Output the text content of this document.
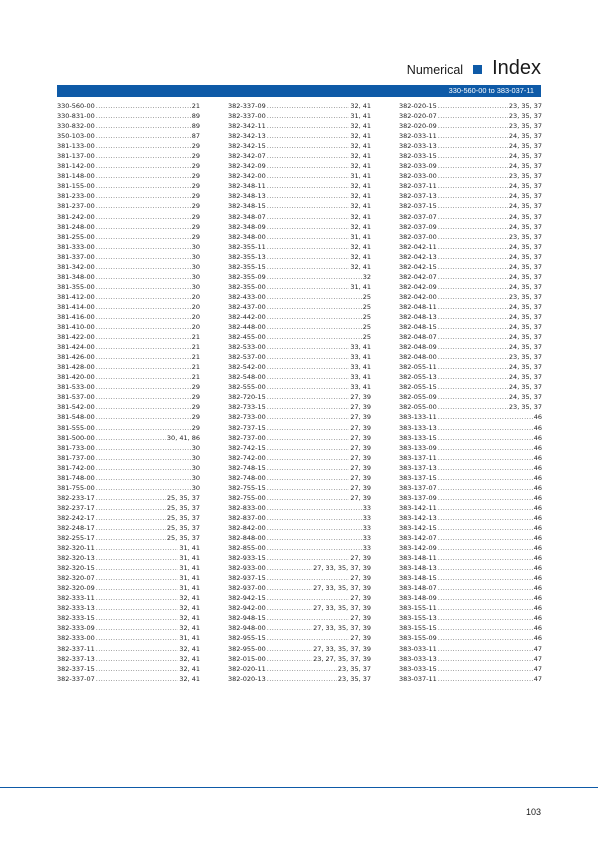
Numerical Index
330-560-00 to 383-037-11
330-560-00 .....	21
330-831-00 .....	89
330-832-00 .....	89
350-103-00 .....	87
381-133-00 .....	29
381-137-00 .....	29
381-142-00 .....	29
381-148-00 .....	29
381-155-00 .....	29
381-233-00 .....	29
381-237-00 .....	29
381-242-00 .....	29
381-248-00 .....	29
381-255-00 .....	29
381-333-00 .....	30
381-337-00 .....	30
381-342-00 .....	30
381-348-00 .....	30
381-355-00 .....	30
381-412-00 .....	20
381-414-00 .....	20
381-416-00 .....	20
381-410-00 .....	20
381-422-00 .....	21
381-424-00 .....	21
381-426-00 .....	21
381-428-00 .....	21
381-420-00 .....	21
381-533-00 .....	29
381-537-00 .....	29
381-542-00 .....	29
381-548-00 .....	29
381-555-00 .....	29
381-500-00 .....	30, 41, 86
381-733-00 .....	30
381-737-00 .....	30
381-742-00 .....	30
381-748-00 .....	30
381-755-00 .....	30
382-233-17 .....	25, 35, 37
382-237-17 .....	25, 35, 37
382-242-17 .....	25, 35, 37
382-248-17 .....	25, 35, 37
382-255-17 .....	25, 35, 37
382-320-11 .....	31, 41
382-320-13 .....	31, 41
382-320-15 .....	31, 41
382-320-07 .....	31, 41
382-320-09 .....	31, 41
382-333-11 .....	32, 41
382-333-13 .....	32, 41
382-333-15 .....	32, 41
382-333-09 .....	32, 41
382-333-00 .....	31, 41
382-337-11 .....	32, 41
382-337-13 .....	32, 41
382-337-15 .....	32, 41
382-337-07 .....	32, 41
382-337-09 .....	32, 41
382-337-00 .....	31, 41
382-342-11 .....	32, 41
382-342-13 .....	32, 41
382-342-15 .....	32, 41
382-342-07 .....	32, 41
382-342-09 .....	32, 41
382-342-00 .....	31, 41
382-348-11 .....	32, 41
382-348-13 .....	32, 41
382-348-15 .....	32, 41
382-348-07 .....	32, 41
382-348-09 .....	32, 41
382-348-00 .....	31, 41
382-355-11 .....	32, 41
382-355-13 .....	32, 41
382-355-15 .....	32, 41
382-355-09 .....	32
382-355-00 .....	31, 41
382-433-00 .....	25
382-437-00 .....	25
382-442-00 .....	25
382-448-00 .....	25
382-455-00 .....	25
382-533-00 .....	33, 41
382-537-00 .....	33, 41
382-542-00 .....	33, 41
382-548-00 .....	33, 41
382-555-00 .....	33, 41
382-720-15 .....	27, 39
382-733-15 .....	27, 39
382-733-00 .....	27, 39
382-737-15 .....	27, 39
382-737-00 .....	27, 39
382-742-15 .....	27, 39
382-742-00 .....	27, 39
382-748-15 .....	27, 39
382-748-00 .....	27, 39
382-755-15 .....	27, 39
382-755-00 .....	27, 39
382-833-00 .....	33
382-837-00 .....	33
382-842-00 .....	33
382-848-00 .....	33
382-855-00 .....	33
382-933-15 .....	27, 39
382-933-00 .....	27, 33, 35, 37, 39
382-937-15 .....	27, 39
382-937-00 .....	27, 33, 35, 37, 39
382-942-15 .....	27, 39
382-942-00 .....	27, 33, 35, 37, 39
382-948-15 .....	27, 39
382-948-00 .....	27, 33, 35, 37, 39
382-955-15 .....	27, 39
382-955-00 .....	27, 33, 35, 37, 39
382-015-00 .....	23, 27, 35, 37, 39
382-020-11 .....	23, 35, 37
382-020-13 .....	23, 35, 37
382-020-15 .....	23, 35, 37
382-020-07 .....	23, 35, 37
382-020-09 .....	23, 35, 37
382-033-11 .....	24, 35, 37
382-033-13 .....	24, 35, 37
382-033-15 .....	24, 35, 37
382-033-09 .....	24, 35, 37
382-033-00 .....	23, 35, 37
382-037-11 .....	24, 35, 37
382-037-13 .....	24, 35, 37
382-037-15 .....	24, 35, 37
382-037-07 .....	24, 35, 37
382-037-09 .....	24, 35, 37
382-037-00 .....	23, 35, 37
382-042-11 .....	24, 35, 37
382-042-13 .....	24, 35, 37
382-042-15 .....	24, 35, 37
382-042-07 .....	24, 35, 37
382-042-09 .....	24, 35, 37
382-042-00 .....	23, 35, 37
382-048-11 .....	24, 35, 37
382-048-13 .....	24, 35, 37
382-048-15 .....	24, 35, 37
382-048-07 .....	24, 35, 37
382-048-09 .....	24, 35, 37
382-048-00 .....	23, 35, 37
382-055-11 .....	24, 35, 37
382-055-13 .....	24, 35, 37
382-055-15 .....	24, 35, 37
382-055-09 .....	24, 35, 37
382-055-00 .....	23, 35, 37
383-133-11 .....	46
383-133-13 .....	46
383-133-15 .....	46
383-133-09 .....	46
383-137-11 .....	46
383-137-13 .....	46
383-137-15 .....	46
383-137-07 .....	46
383-137-09 .....	46
383-142-11 .....	46
383-142-13 .....	46
383-142-15 .....	46
383-142-07 .....	46
383-142-09 .....	46
383-148-11 .....	46
383-148-13 .....	46
383-148-15 .....	46
383-148-07 .....	46
383-148-09 .....	46
383-155-11 .....	46
383-155-13 .....	46
383-155-15 .....	46
383-155-09 .....	46
383-033-11 .....	47
383-033-13 .....	47
383-033-15 .....	47
383-037-11 .....	47
103
